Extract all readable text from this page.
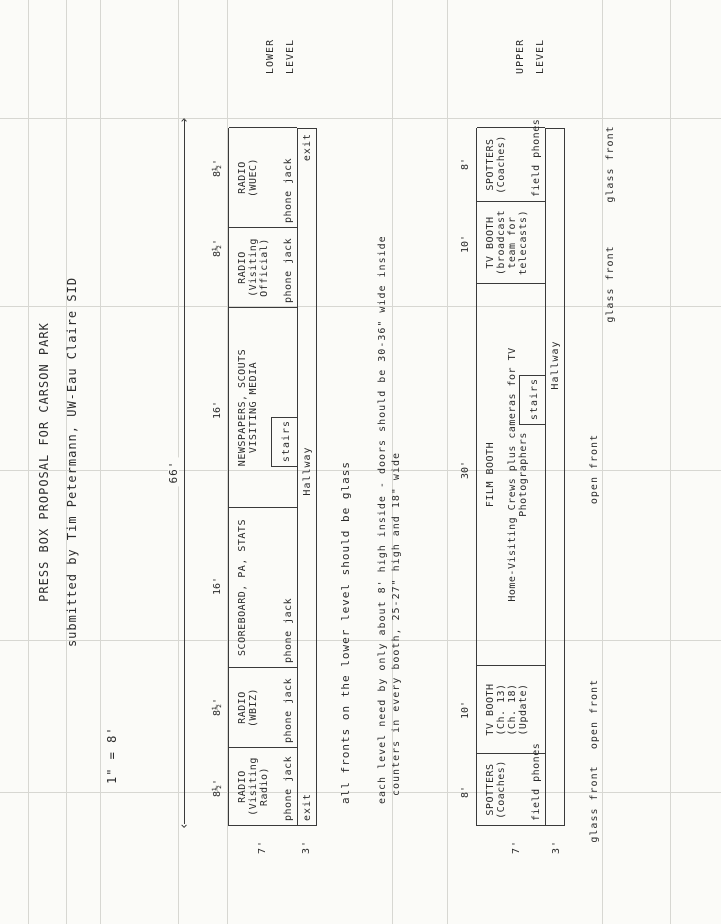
PRESS BOX PROPOSAL FOR CARSON PARK submitted by Tim Petermann, UW-Eau Claire SID
1" = 8'
‹
›
66'
8½'
8½'
16'
16'
8½'
8½'
RADIO
(Visiting
Radio) phone jack
RADIO
(WBIZ) phone jack
SCOREBOARD, PA, STATS	phone jack
NEWSPAPERS, SCOUTS
VISITING MEDIA
stairs
RADIO
(Visiting
Official) phone jack
RADIO
(WUEC) phone jack
exit
Hallway
exit
7'	3'
LOWER LEVEL
all fronts on the lower level should be glass	each level need by only about 8' high inside - doors should be 30-36" wide inside counters in every booth, 25-27" high and 18" wide	8'
10'
30'
10'
8'
SPOTTERS
(Coaches) field phones
TV BOOTH
(Ch. 13)
(Ch. 18)
(Update)
FILM BOOTH

Home-Visiting Crews plus cameras for TV
Photographers
stairs
TV BOOTH
(broadcast
team for
telecasts)
SPOTTERS
(Coaches) field phones
Hallway
7'	3'
UPPER LEVEL
glass front
open front
open front
glass front
glass front
